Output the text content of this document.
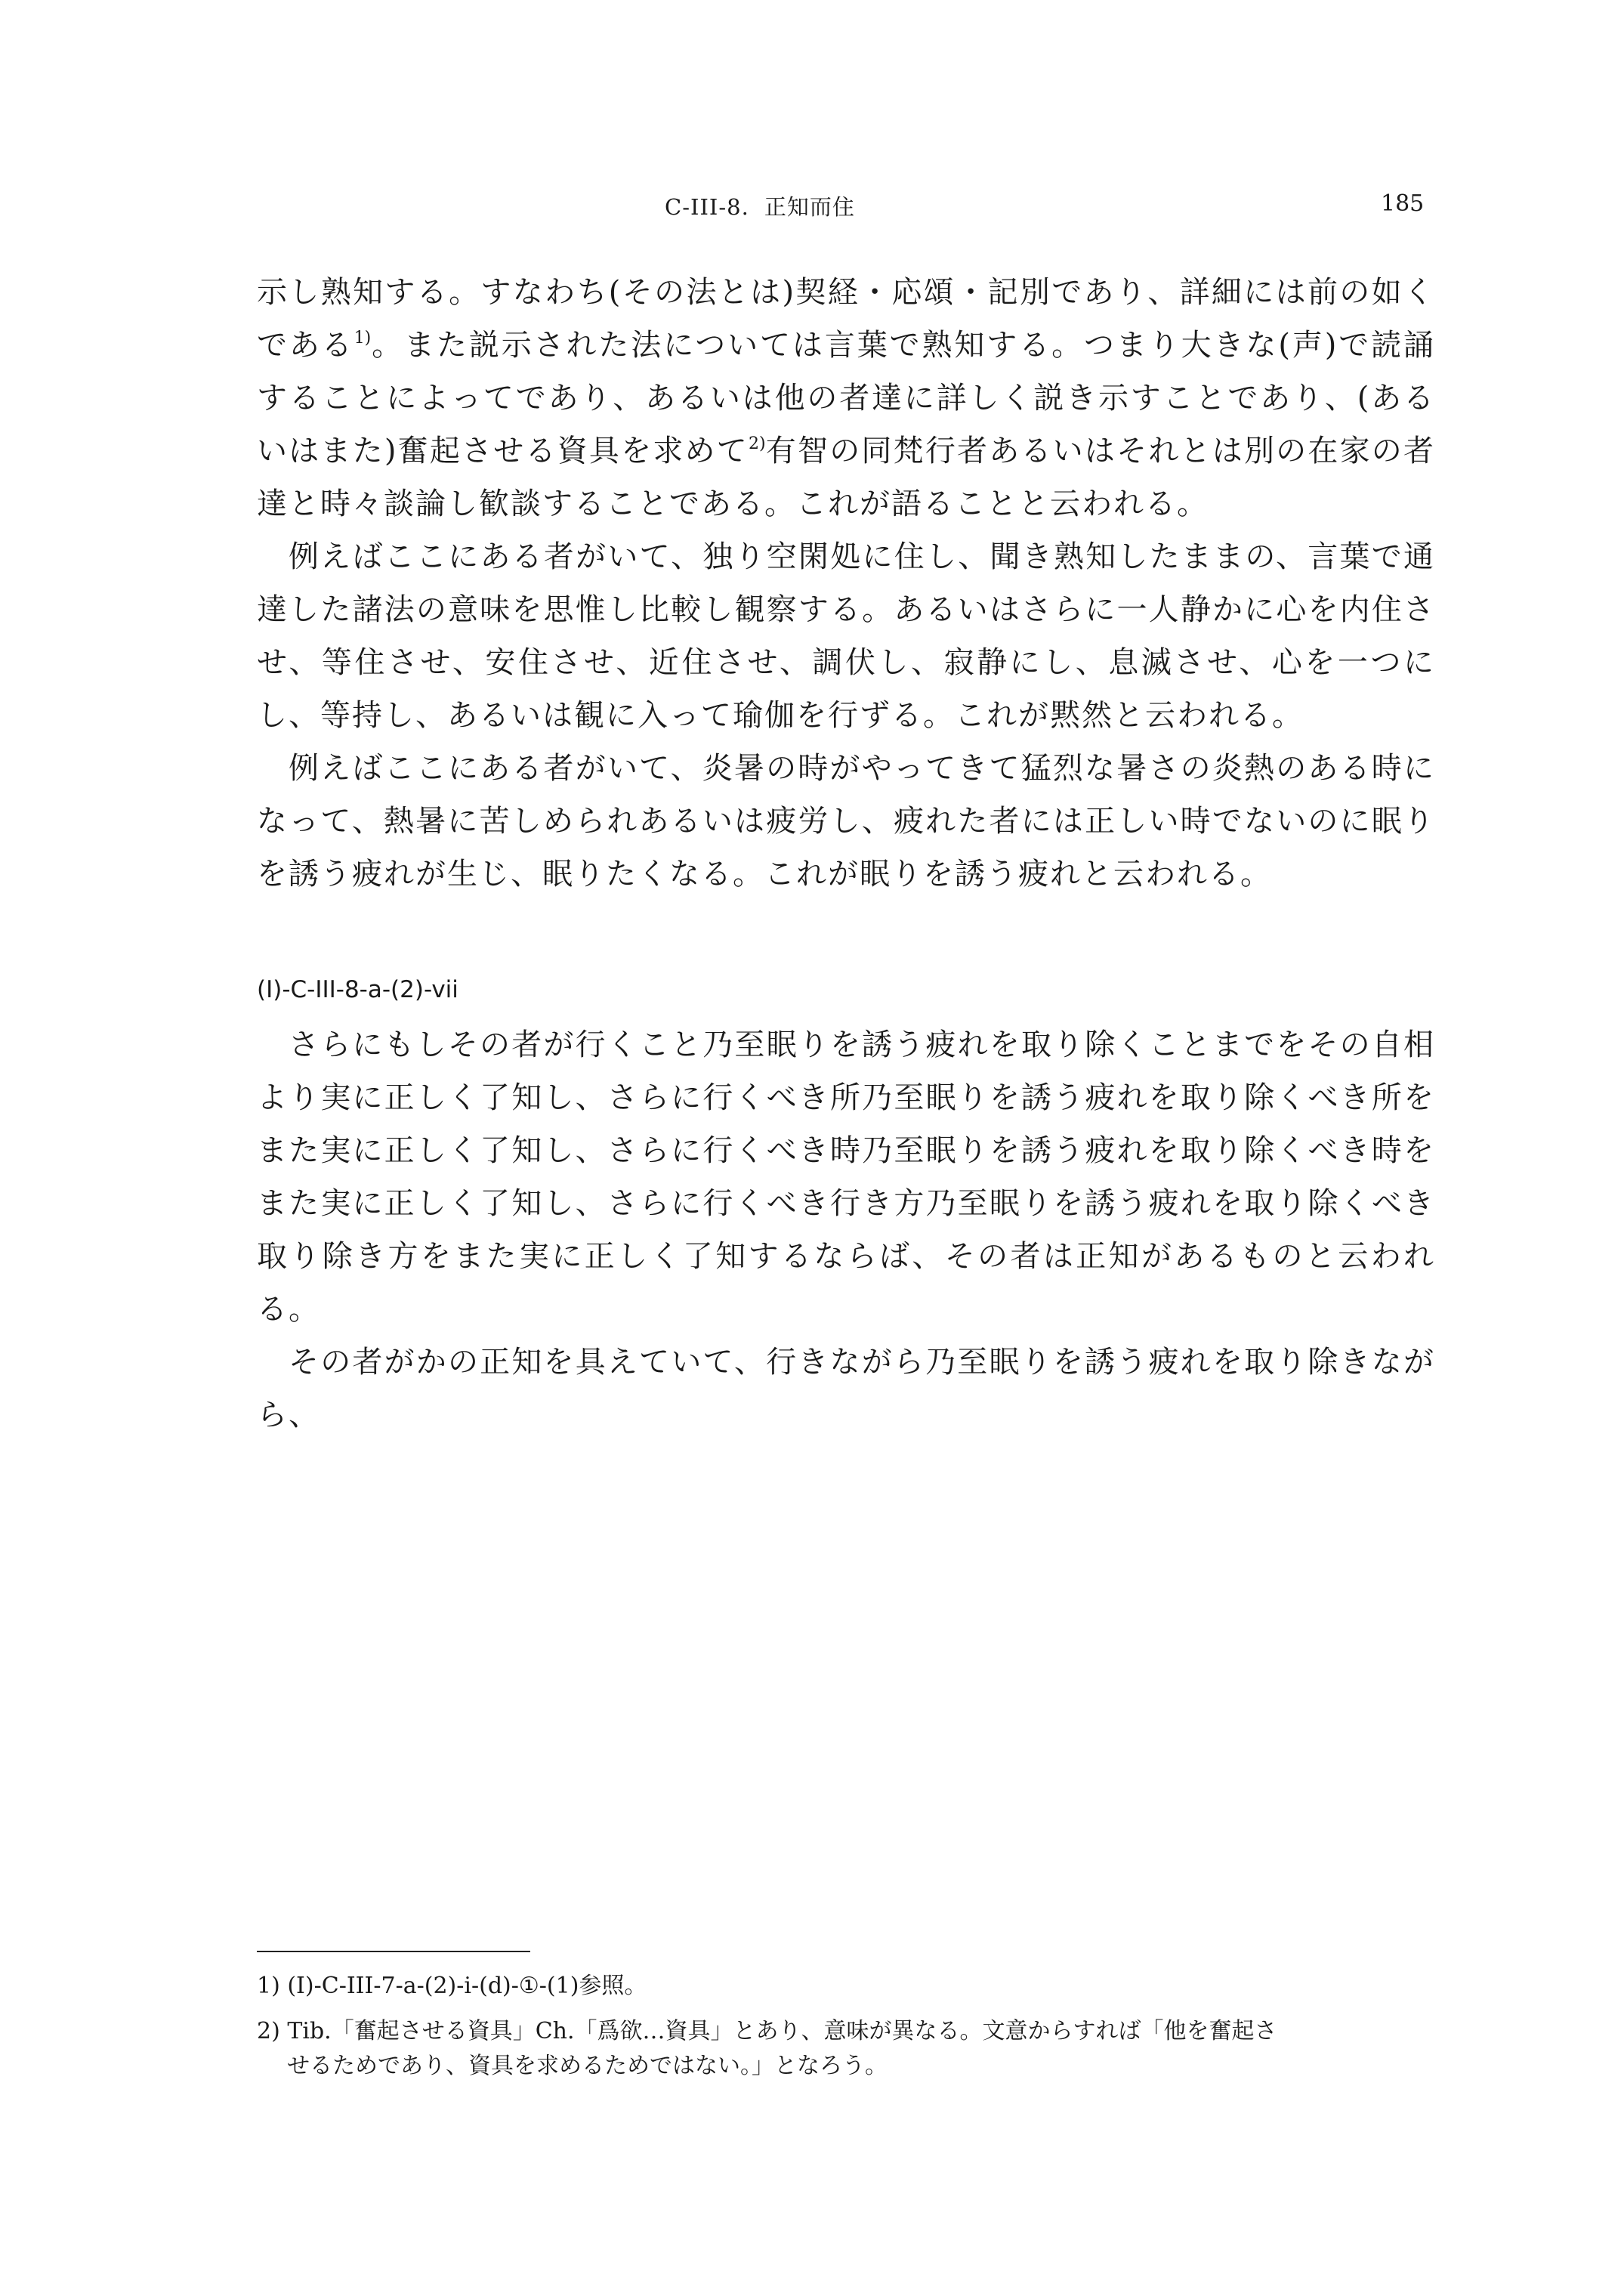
C-III-8. 正知而住	185

示し熟知する。すなわち(その法とは)契経・応頌・記別であり、詳細には前の如くである$^{1)}$。また説示された法については言葉で熟知する。つまり大きな(声)で読誦することによってであり、あるいは他の者達に詳しく説き示すことであり、(あるいはまた)奮起させる資具を求めて$^{2)}$有智の同梵行者あるいはそれとは別の在家の者達と時々談論し歓談することである。これが語ることと云われる。

例えばここにある者がいて、独り空閑処に住し、聞き熟知したままの、言葉で通達した諸法の意味を思惟し比較し観察する。あるいはさらに一人静かに心を内住させ、等住させ、安住させ、近住させ、調伏し、寂静にし、息滅させ、心を一つにし、等持し、あるいは観に入って瑜伽を行ずる。これが黙然と云われる。

例えばここにある者がいて、炎暑の時がやってきて猛烈な暑さの炎熱のある時になって、熱暑に苦しめられあるいは疲労し、疲れた者には正しい時でないのに眠りを誘う疲れが生じ、眠りたくなる。これが眠りを誘う疲れと云われる。

(I)-C-III-8-a-(2)-vii

さらにもしその者が行くこと乃至眠りを誘う疲れを取り除くことまでをその自相より実に正しく了知し、さらに行くべき所乃至眠りを誘う疲れを取り除くべき所をまた実に正しく了知し、さらに行くべき時乃至眠りを誘う疲れを取り除くべき時をまた実に正しく了知し、さらに行くべき行き方乃至眠りを誘う疲れを取り除くべき取り除き方をまた実に正しく了知するならば、その者は正知があるものと云われる。

その者がかの正知を具えていて、行きながら乃至眠りを誘う疲れを取り除きながら、

1) (I)-C-III-7-a-(2)-i-(d)-①-(1)参照。

2) Tib.「奮起させる資具」Ch.「爲欲…資具」とあり、意味が異なる。文意からすれば「他を奮起さ
せるためであり、資具を求めるためではない。」となろう。
